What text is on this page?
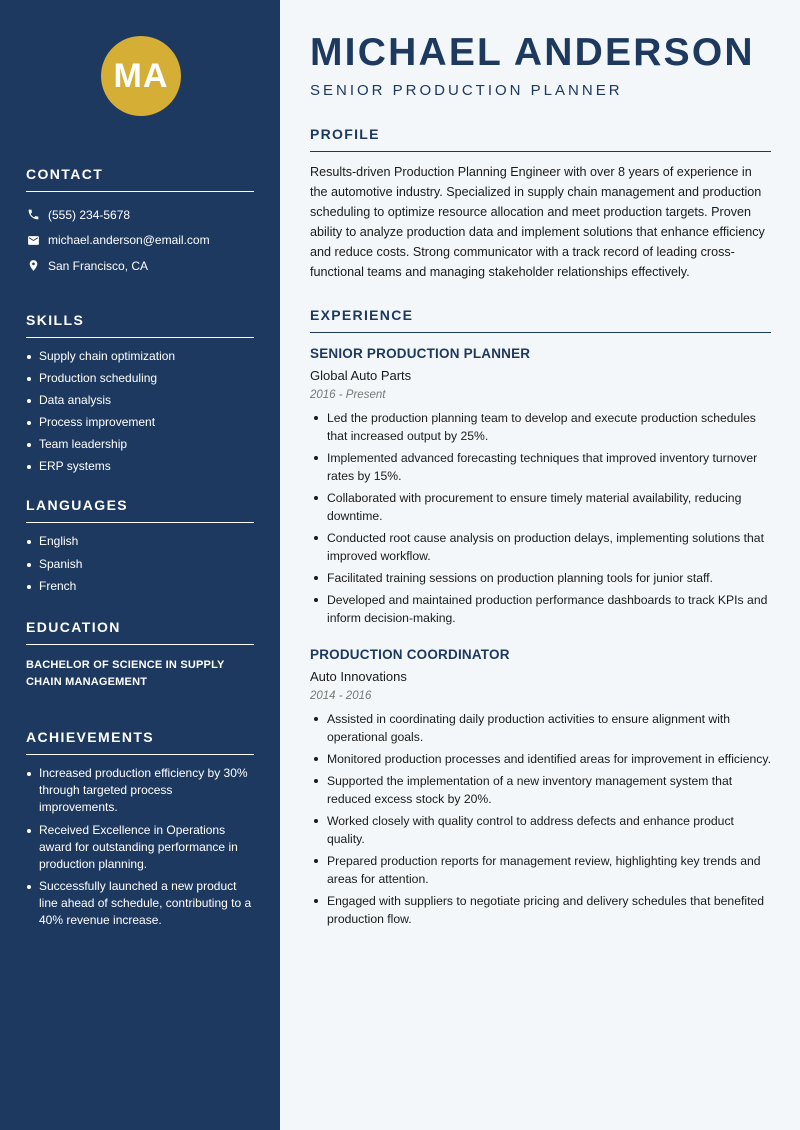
MA
CONTACT
(555) 234-5678
michael.anderson@email.com
San Francisco, CA
SKILLS
Supply chain optimization
Production scheduling
Data analysis
Process improvement
Team leadership
ERP systems
LANGUAGES
English
Spanish
French
EDUCATION
BACHELOR OF SCIENCE IN SUPPLY CHAIN MANAGEMENT
ACHIEVEMENTS
Increased production efficiency by 30% through targeted process improvements.
Received Excellence in Operations award for outstanding performance in production planning.
Successfully launched a new product line ahead of schedule, contributing to a 40% revenue increase.
MICHAEL ANDERSON
SENIOR PRODUCTION PLANNER
PROFILE

Results-driven Production Planning Engineer with over 8 years of experience in the automotive industry. Specialized in supply chain management and production scheduling to optimize resource allocation and meet production targets. Proven ability to analyze production data and implement solutions that enhance efficiency and reduce costs. Strong communicator with a track record of leading cross-functional teams and managing stakeholder relationships effectively.

EXPERIENCE
SENIOR PRODUCTION PLANNER
Global Auto Parts
2016 - Present
Led the production planning team to develop and execute production schedules that increased output by 25%.
Implemented advanced forecasting techniques that improved inventory turnover rates by 15%.
Collaborated with procurement to ensure timely material availability, reducing downtime.
Conducted root cause analysis on production delays, implementing solutions that improved workflow.
Facilitated training sessions on production planning tools for junior staff.
Developed and maintained production performance dashboards to track KPIs and inform decision-making.
PRODUCTION COORDINATOR
Auto Innovations
2014 - 2016
Assisted in coordinating daily production activities to ensure alignment with operational goals.
Monitored production processes and identified areas for improvement in efficiency.
Supported the implementation of a new inventory management system that reduced excess stock by 20%.
Worked closely with quality control to address defects and enhance product quality.
Prepared production reports for management review, highlighting key trends and areas for attention.
Engaged with suppliers to negotiate pricing and delivery schedules that benefited production flow.
